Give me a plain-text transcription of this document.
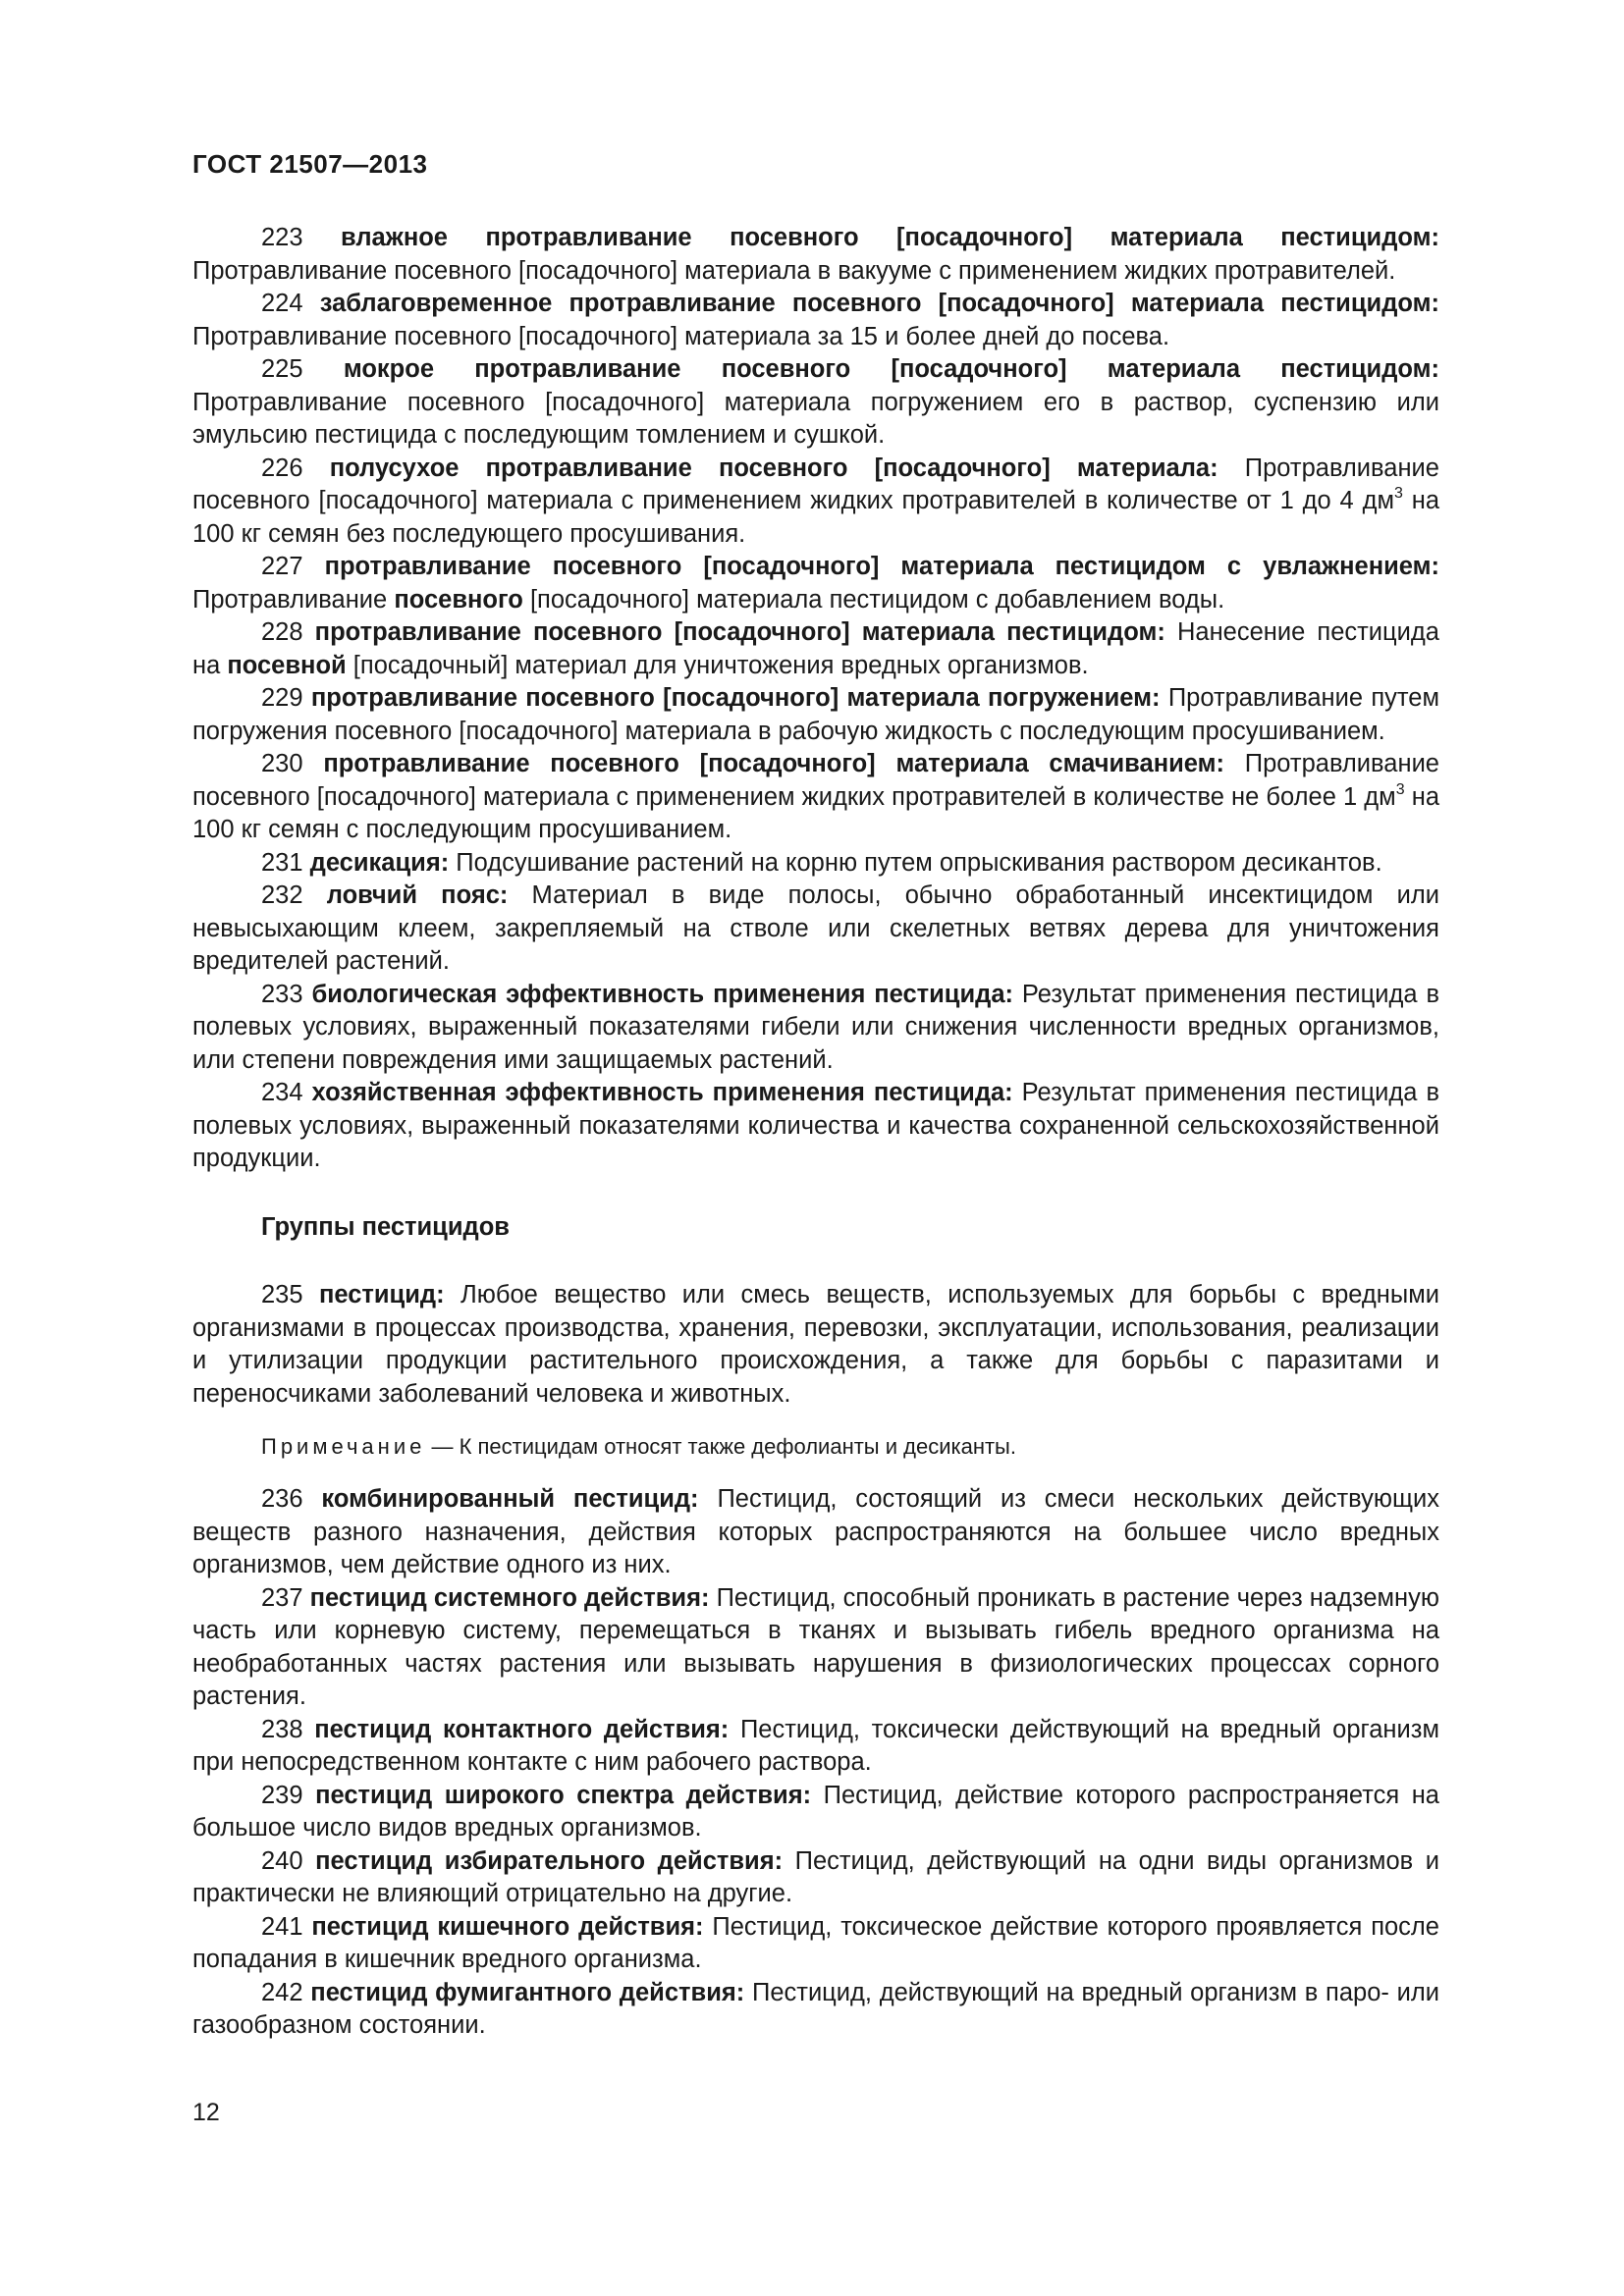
ГОСТ 21507—2013

223 влажное протравливание посевного [посадочного] материала пестицидом: Протравливание посевного [посадочного] материала в вакууме с применением жидких протравителей.

224 заблаговременное протравливание посевного [посадочного] материала пестицидом: Протравливание посевного [посадочного] материала за 15 и более дней до посева.

225 мокрое протравливание посевного [посадочного] материала пестицидом: Протравливание посевного [посадочного] материала погружением его в раствор, суспензию или эмульсию пестицида с последующим томлением и сушкой.

226 полусухое протравливание посевного [посадочного] материала: Протравливание посевного [посадочного] материала с применением жидких протравителей в количестве от 1 до 4 $дм^3$ на 100 кг семян без последующего просушивания.

227 протравливание посевного [посадочного] материала пестицидом с увлажнением: Протравливание посевного [посадочного] материала пестицидом с добавлением воды.

228 протравливание посевного [посадочного] материала пестицидом: Нанесение пестицида на посевной [посадочный] материал для уничтожения вредных организмов.

229 протравливание посевного [посадочного] материала погружением: Протравливание путем погружения посевного [посадочного] материала в рабочую жидкость с последующим просушиванием.

230 протравливание посевного [посадочного] материала смачиванием: Протравливание посевного [посадочного] материала с применением жидких протравителей в количестве не более 1 $дм^3$ на 100 кг семян с последующим просушиванием.

231 десикация: Подсушивание растений на корню путем опрыскивания раствором десикантов.

232 ловчий пояс: Материал в виде полосы, обычно обработанный инсектицидом или невысыхающим клеем, закрепляемый на стволе или скелетных ветвях дерева для уничтожения вредителей растений.

233 биологическая эффективность применения пестицида: Результат применения пестицида в полевых условиях, выраженный показателями гибели или снижения численности вредных организмов, или степени повреждения ими защищаемых растений.

234 хозяйственная эффективность применения пестицида: Результат применения пестицида в полевых условиях, выраженный показателями количества и качества сохраненной сельскохозяйственной продукции.

Группы пестицидов

235 пестицид: Любое вещество или смесь веществ, используемых для борьбы с вредными организмами в процессах производства, хранения, перевозки, эксплуатации, использования, реализации и утилизации продукции растительного происхождения, а также для борьбы с паразитами и переносчиками заболеваний человека и животных.

Примечание — К пестицидам относят также дефолианты и десиканты.

236 комбинированный пестицид: Пестицид, состоящий из смеси нескольких действующих веществ разного назначения, действия которых распространяются на большее число вредных организмов, чем действие одного из них.

237 пестицид системного действия: Пестицид, способный проникать в растение через надземную часть или корневую систему, перемещаться в тканях и вызывать гибель вредного организма на необработанных частях растения или вызывать нарушения в физиологических процессах сорного растения.

238 пестицид контактного действия: Пестицид, токсически действующий на вредный организм при непосредственном контакте с ним рабочего раствора.

239 пестицид широкого спектра действия: Пестицид, действие которого распространяется на большое число видов вредных организмов.

240 пестицид избирательного действия: Пестицид, действующий на одни виды организмов и практически не влияющий отрицательно на другие.

241 пестицид кишечного действия: Пестицид, токсическое действие которого проявляется после попадания в кишечник вредного организма.

242 пестицид фумигантного действия: Пестицид, действующий на вредный организм в паро- или газообразном состоянии.

12
